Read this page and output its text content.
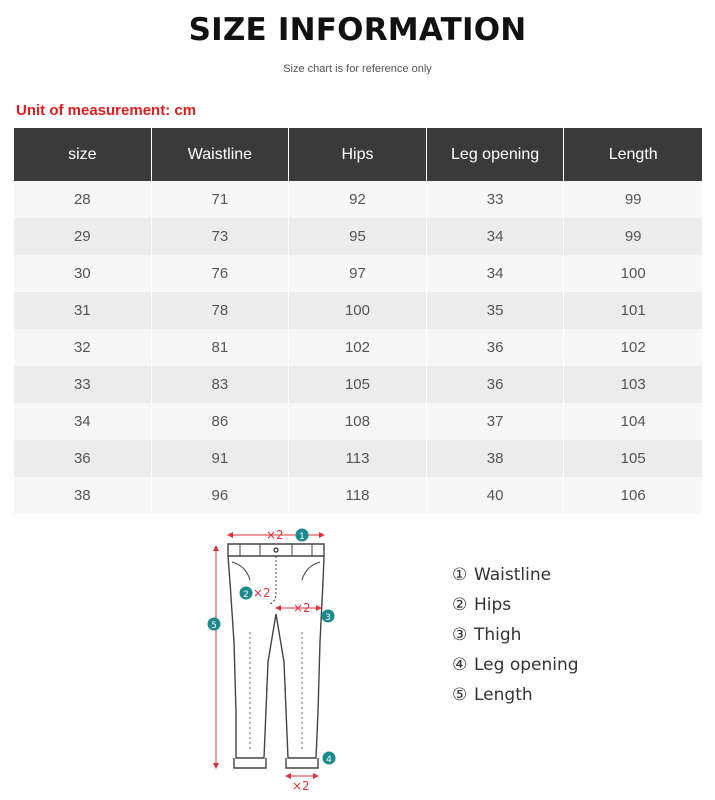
SIZE INFORMATION
Size chart is for reference only
Unit of measurement: cm
size	Waistline	Hips	Leg opening	Length
28	71	92	33	99
29	73	95	34	99
30	76	97	34	100
31	78	100	35	101
32	81	102	36	102
33	83	105	36	103
34	86	108	37	104
36	91	113	38	105
38	96	118	40	106
×2
×2
×2
×2
1
2
3
4
5
① Waistline
② Hips
③ Thigh
④ Leg opening
⑤ Length
